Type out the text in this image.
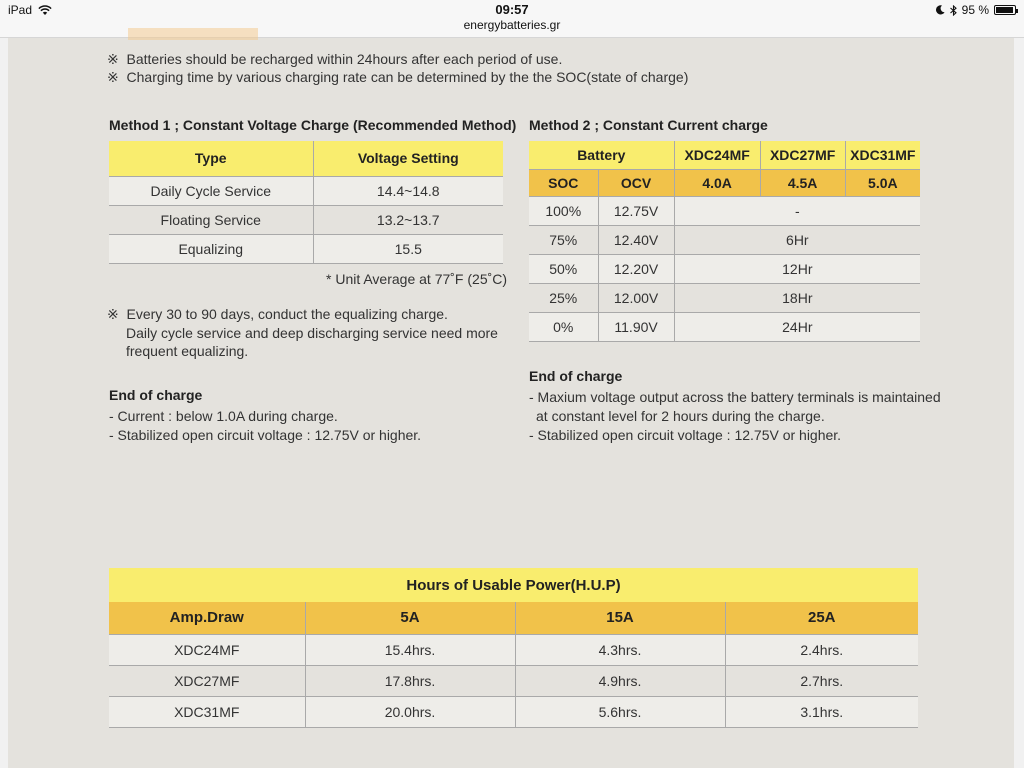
iPad	09:57
energybatteries.gr
95 %
※ Batteries should be recharged within 24hours after each period of use.
※ Charging time by various charging rate can be determined by the the SOC(state of charge)
Method 1 ; Constant Voltage Charge (Recommended Method)
Type	Voltage Setting
Daily Cycle Service	14.4~14.8
Floating Service	13.2~13.7
Equalizing	15.5
* Unit Average at 77˚F (25˚C)
※ Every 30 to 90 days, conduct the equalizing charge.
Daily cycle service and deep discharging service need more
frequent equalizing.
End of charge
- Current : below 1.0A during charge.
- Stabilized open circuit voltage : 12.75V or higher.
Method 2 ; Constant Current charge
Battery		XDC24MF	XDC27MF	XDC31MF
SOC	OCV	4.0A	4.5A	5.0A
100%	12.75V	-		
75%	12.40V	6Hr		
50%	12.20V	12Hr		
25%	12.00V	18Hr		
0%	11.90V	24Hr		
End of charge
- Maxium voltage output across the battery terminals is maintained
at constant level for 2 hours during the charge.
- Stabilized open circuit voltage : 12.75V or higher.
Hours of Usable Power(H.U.P)			
Amp.Draw	5A	15A	25A
XDC24MF	15.4hrs.	4.3hrs.	2.4hrs.
XDC27MF	17.8hrs.	4.9hrs.	2.7hrs.
XDC31MF	20.0hrs.	5.6hrs.	3.1hrs.
